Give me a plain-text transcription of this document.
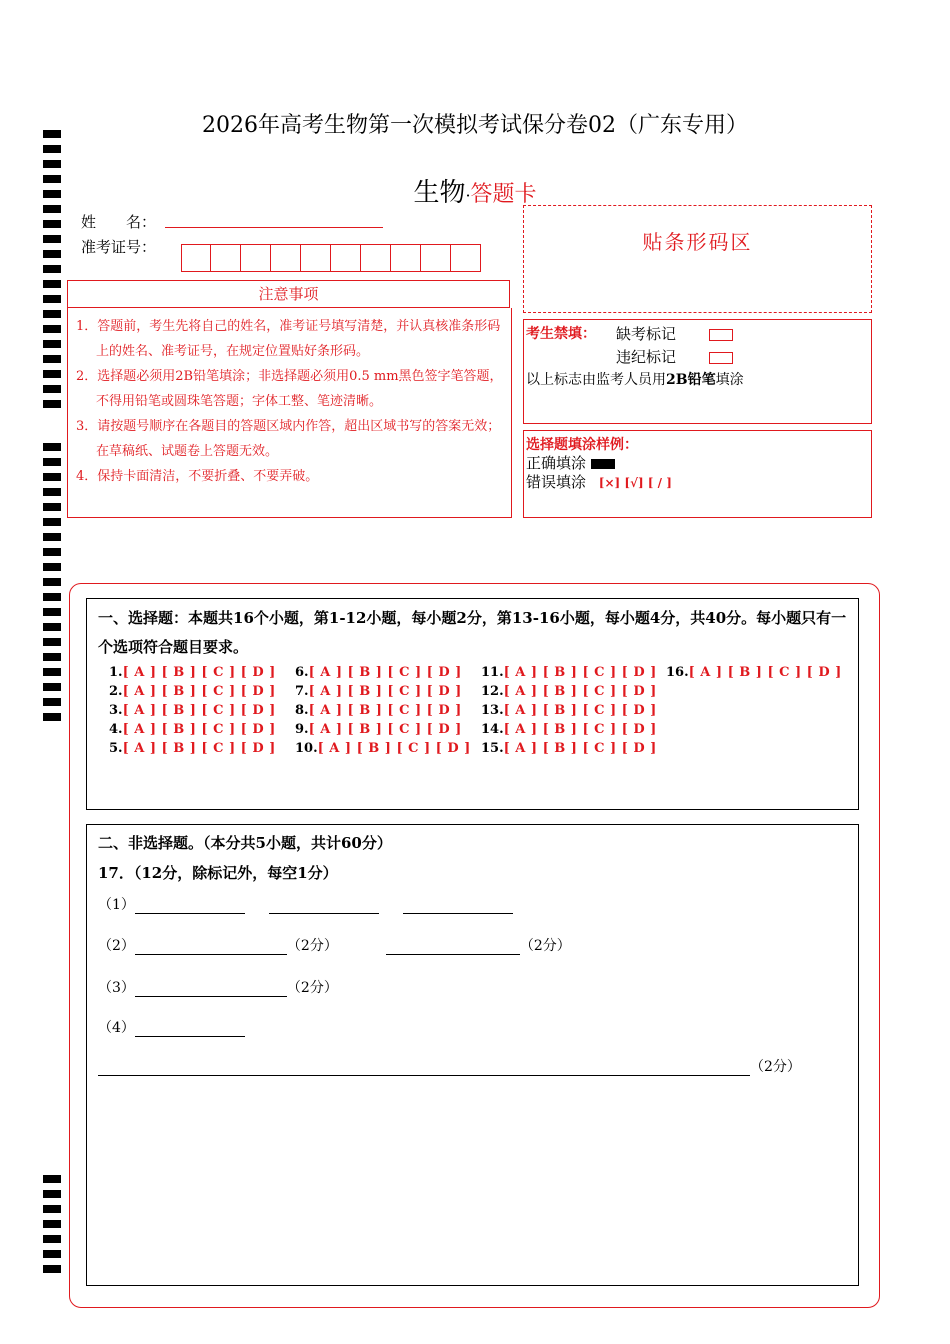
2026年高考生物第一次模拟考试保分卷02（广东专用）
生物·答题卡
姓　　名：
准考证号：
注意事项

1．答题前，考生先将自己的姓名，准考证号填写清楚，并认真核准条形码上的姓名、准考证号，在规定位置贴好条形码。

2．选择题必须用2B铅笔填涂；非选择题必须用0.5 mm黑色签字笔答题，不得用铅笔或圆珠笔答题；字体工整、笔迹清晰。

3．请按题号顺序在各题目的答题区域内作答，超出区域书写的答案无效；在草稿纸、试题卷上答题无效。

4．保持卡面清洁，不要折叠、不要弄破。

贴条形码区
考生禁填： 缺考标记
违纪标记
以上标志由监考人员用2B铅笔填涂
选择题填涂样例：
正确填涂
错误填涂 [×] [√] [ / ]
一、选择题：本题共16个小题，第1-12小题，每小题2分，第13-16小题，每小题4分，共40分。每小题只有一个选项符合题目要求。
1.[ A ] [ B ] [ C ] [ D ]
2.[ A ] [ B ] [ C ] [ D ]
3.[ A ] [ B ] [ C ] [ D ]
4.[ A ] [ B ] [ C ] [ D ]
5.[ A ] [ B ] [ C ] [ D ]
6.[ A ] [ B ] [ C ] [ D ]
7.[ A ] [ B ] [ C ] [ D ]
8.[ A ] [ B ] [ C ] [ D ]
9.[ A ] [ B ] [ C ] [ D ]
10.[ A ] [ B ] [ C ] [ D ]
11.[ A ] [ B ] [ C ] [ D ]
12.[ A ] [ B ] [ C ] [ D ]
13.[ A ] [ B ] [ C ] [ D ]
14.[ A ] [ B ] [ C ] [ D ]
15.[ A ] [ B ] [ C ] [ D ]
16.[ A ] [ B ] [ C ] [ D ]
二、非选择题。（本分共5小题，共计60分）
17．（12分，除标记外，每空1分）
（1）
（2）	（2分）	（2分）
（3）	（2分）
（4）
（2分）
